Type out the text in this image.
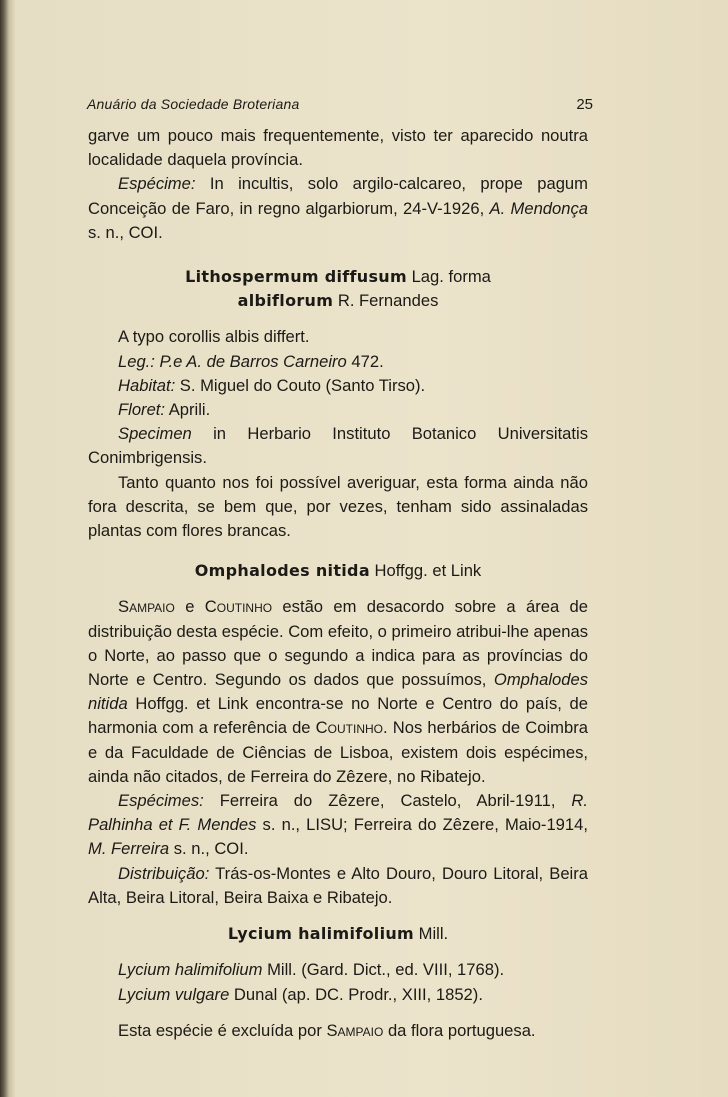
Anuário da Sociedade Broteriana	25

garve um pouco mais frequentemente, visto ter aparecido noutra localidade daquela província.

Espécime: In incultis, solo argilo-calcareo, prope pagum Conceição de Faro, in regno algarbiorum, 24-V-1926, A. Mendonça s. n., COI.

Lithospermum diffusum Lag. forma

albiflorum R. Fernandes

A typo corollis albis differt.

Leg.: P.e A. de Barros Carneiro 472.

Habitat: S. Miguel do Couto (Santo Tirso).

Floret: Aprili.

Specimen in Herbario Instituto Botanico Universitatis Conimbrigensis.

Tanto quanto nos foi possível averiguar, esta forma ainda não fora descrita, se bem que, por vezes, tenham sido assinaladas plantas com flores brancas.

Omphalodes nitida Hoffgg. et Link

Sampaio e Coutinho estão em desacordo sobre a área de distribuição desta espécie. Com efeito, o primeiro atribui-lhe apenas o Norte, ao passo que o segundo a indica para as províncias do Norte e Centro. Segundo os dados que possuímos, Omphalodes nitida Hoffgg. et Link encontra-se no Norte e Centro do país, de harmonia com a referência de Coutinho. Nos herbários de Coimbra e da Faculdade de Ciências de Lisboa, existem dois espécimes, ainda não citados, de Ferreira do Zêzere, no Ribatejo.

Espécimes: Ferreira do Zêzere, Castelo, Abril-1911, R. Palhinha et F. Mendes s. n., LISU; Ferreira do Zêzere, Maio-1914, M. Ferreira s. n., COI.

Distribuição: Trás-os-Montes e Alto Douro, Douro Litoral, Beira Alta, Beira Litoral, Beira Baixa e Ribatejo.

Lycium halimifolium Mill.

Lycium halimifolium Mill. (Gard. Dict., ed. VIII, 1768).

Lycium vulgare Dunal (ap. DC. Prodr., XIII, 1852).

Esta espécie é excluída por Sampaio da flora portuguesa.
